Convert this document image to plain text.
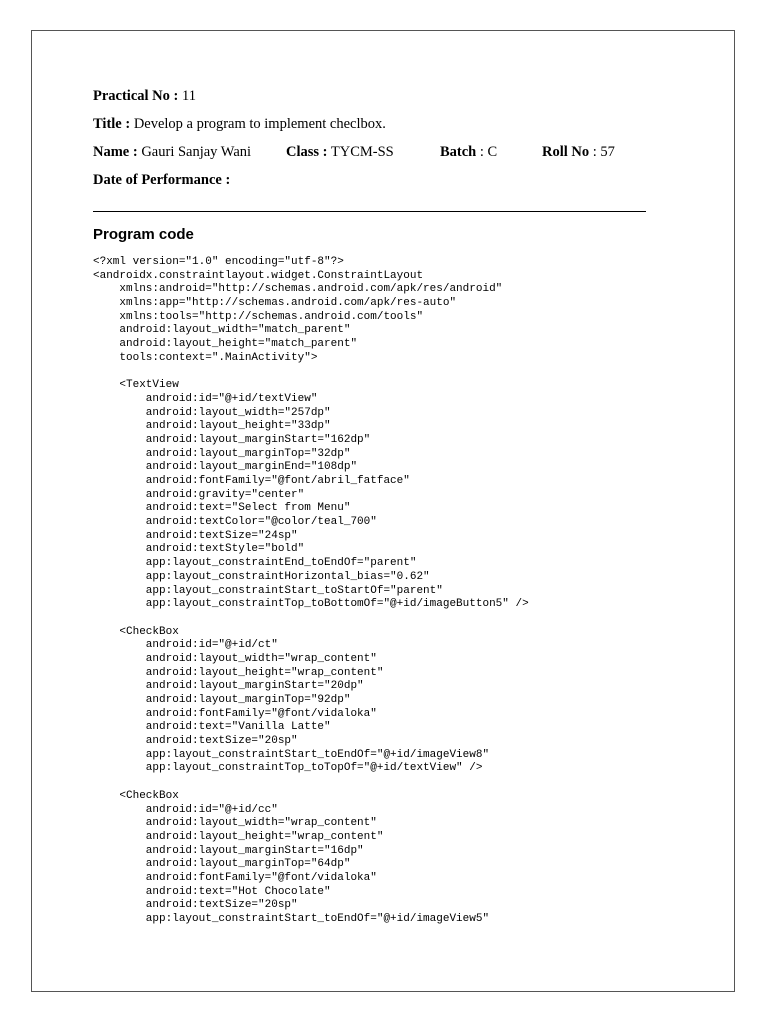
Practical No : 11
Title : Develop a program to implement checlbox.
Name : Gauri Sanjay Wani Class : TYCM-SS	Batch : C	Roll No : 57
Date of Performance :
Program code
<?xml version="1.0" encoding="utf-8"?>
<androidx.constraintlayout.widget.ConstraintLayout
xmlns:android="http://schemas.android.com/apk/res/android"
xmlns:app="http://schemas.android.com/apk/res-auto"
xmlns:tools="http://schemas.android.com/tools"
android:layout_width="match_parent"
android:layout_height="match_parent"
tools:context=".MainActivity">
<TextView
android:id="@+id/textView"
android:layout_width="257dp"
android:layout_height="33dp"
android:layout_marginStart="162dp"
android:layout_marginTop="32dp"
android:layout_marginEnd="108dp"
android:fontFamily="@font/abril_fatface"
android:gravity="center"
android:text="Select from Menu"
android:textColor="@color/teal_700"
android:textSize="24sp"
android:textStyle="bold"
app:layout_constraintEnd_toEndOf="parent"
app:layout_constraintHorizontal_bias="0.62"
app:layout_constraintStart_toStartOf="parent"
app:layout_constraintTop_toBottomOf="@+id/imageButton5" />
<CheckBox
android:id="@+id/ct"
android:layout_width="wrap_content"
android:layout_height="wrap_content"
android:layout_marginStart="20dp"
android:layout_marginTop="92dp"
android:fontFamily="@font/vidaloka"
android:text="Vanilla Latte"
android:textSize="20sp"
app:layout_constraintStart_toEndOf="@+id/imageView8"
app:layout_constraintTop_toTopOf="@+id/textView" />
<CheckBox
android:id="@+id/cc"
android:layout_width="wrap_content"
android:layout_height="wrap_content"
android:layout_marginStart="16dp"
android:layout_marginTop="64dp"
android:fontFamily="@font/vidaloka"
android:text="Hot Chocolate"
android:textSize="20sp"
app:layout_constraintStart_toEndOf="@+id/imageView5"
